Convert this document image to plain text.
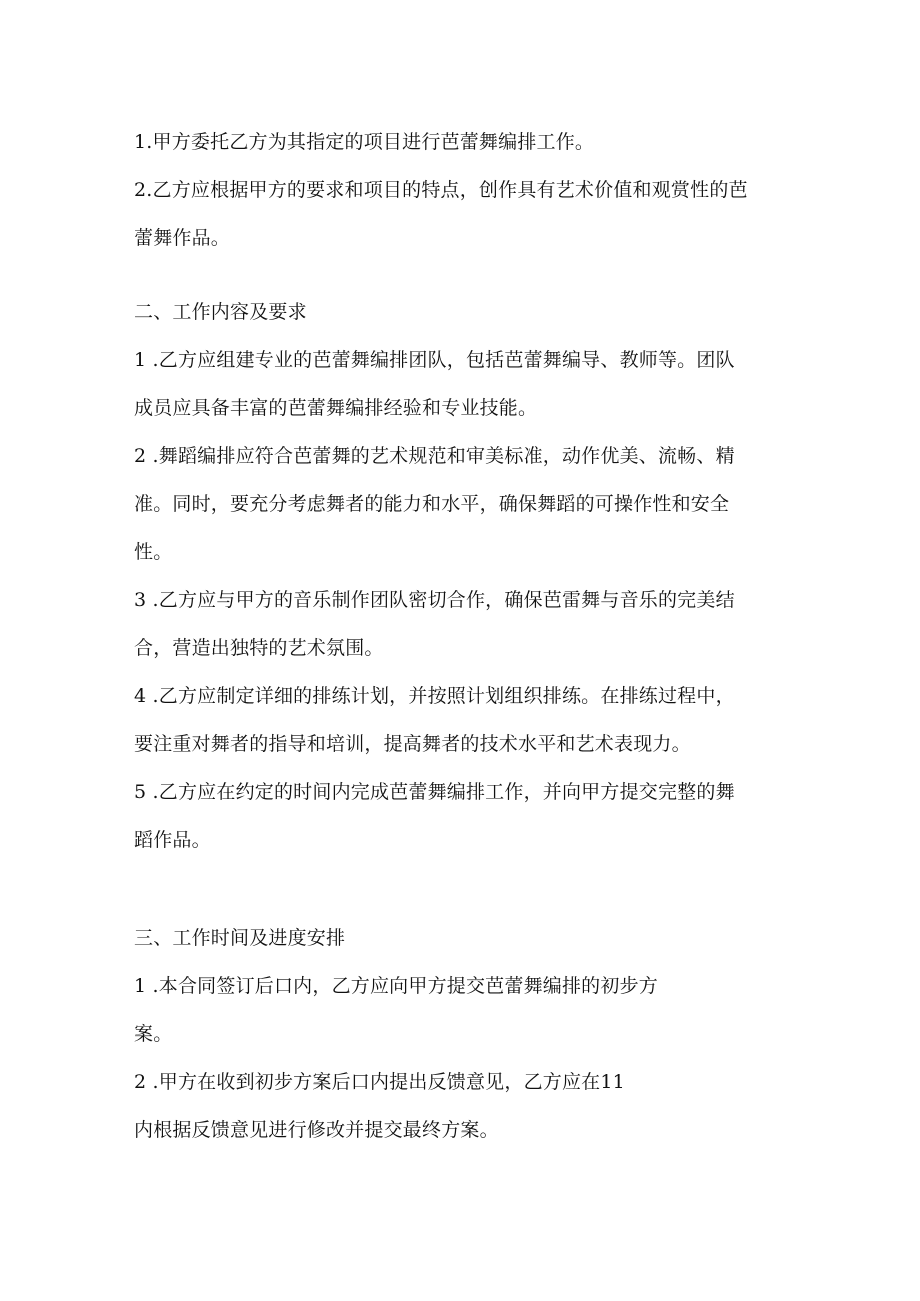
1.甲方委托乙方为其指定的项目进行芭蕾舞编排工作。
2.乙方应根据甲方的要求和项目的特点，创作具有艺术价值和观赏性的芭
蕾舞作品。
二、工作内容及要求
1 .乙方应组建专业的芭蕾舞编排团队，包括芭蕾舞编导、教师等。团队
成员应具备丰富的芭蕾舞编排经验和专业技能。
2 .舞蹈编排应符合芭蕾舞的艺术规范和审美标准，动作优美、流畅、精
准。同时，要充分考虑舞者的能力和水平，确保舞蹈的可操作性和安全
性。
3 .乙方应与甲方的音乐制作团队密切合作，确保芭雷舞与音乐的完美结
合，营造出独特的艺术氛围。
4 .乙方应制定详细的排练计划，并按照计划组织排练。在排练过程中，
要注重对舞者的指导和培训，提高舞者的技术水平和艺术表现力。
5 .乙方应在约定的时间内完成芭蕾舞编排工作，并向甲方提交完整的舞
蹈作品。
三、工作时间及进度安排
1 .本合同签订后口内，乙方应向甲方提交芭蕾舞编排的初步方
案。
2 .甲方在收到初步方案后口内提出反馈意见，乙方应在11
内根据反馈意见进行修改并提交最终方案。
